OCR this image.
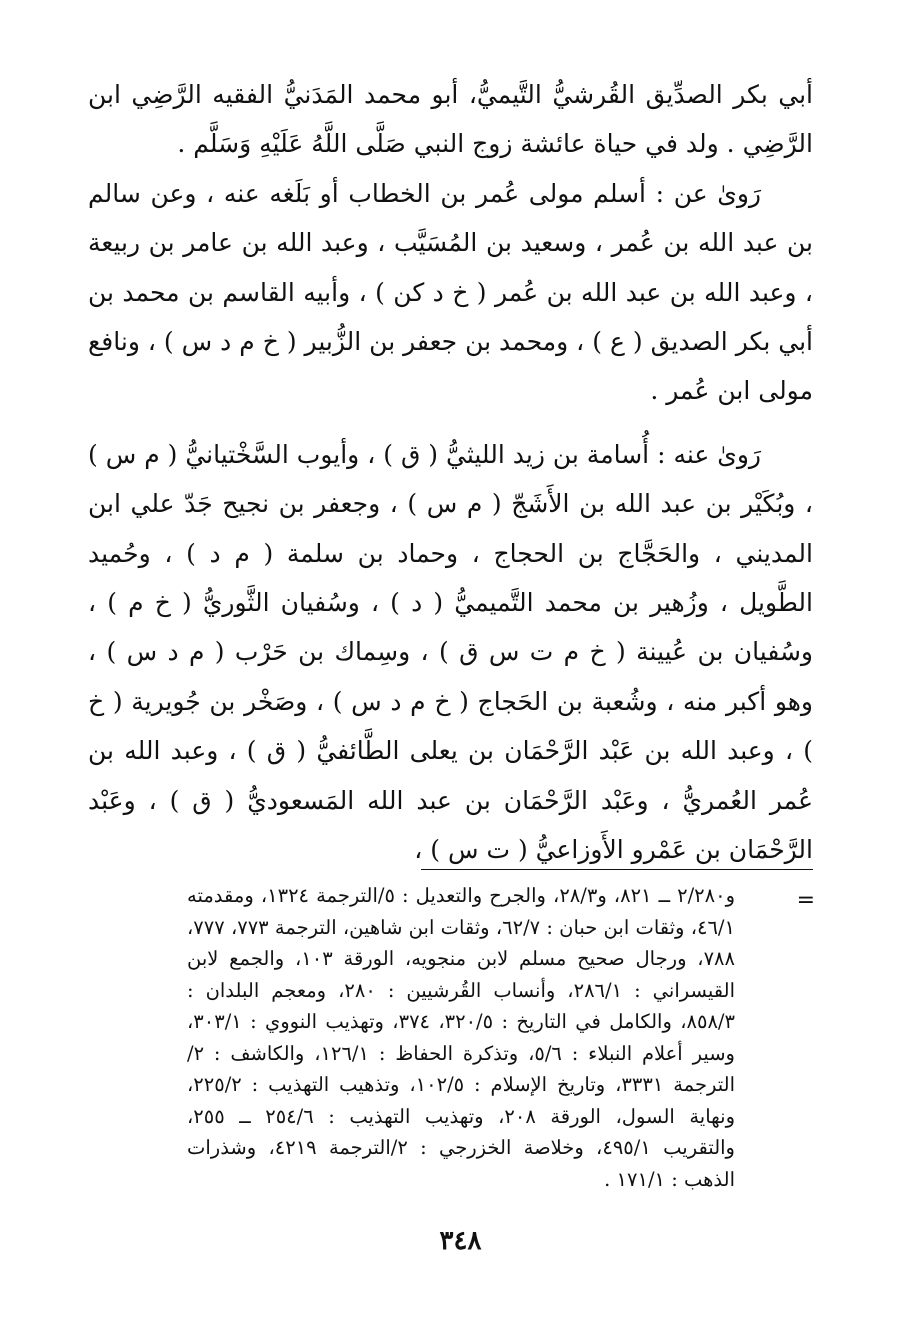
أبي بكر الصدِّيق القُرشيُّ التَّيميُّ، أبو محمد المَدَنيُّ الفقيه الرَّضِي ابن الرَّضِي . ولد في حياة عائشة زوج النبي صَلَّى اللَّهُ عَلَيْهِ وَسَلَّم .

رَوىٰ عن : أسلم مولى عُمر بن الخطاب أو بَلَغه عنه ، وعن سالم بن عبد الله بن عُمر ، وسعيد بن المُسَيَّب ، وعبد الله بن عامر بن ربيعة ، وعبد الله بن عبد الله بن عُمر ( خ د كن ) ، وأبيه القاسم بن محمد بن أبي بكر الصديق ( ع ) ، ومحمد بن جعفر بن الزُّبير ( خ م د س ) ، ونافع مولى ابن عُمر .

رَوىٰ عنه : أُسامة بن زيد الليثيُّ ( ق ) ، وأيوب السَّخْتيانيُّ ( م س ) ، وبُكَيْر بن عبد الله بن الأَشَجّ ( م س ) ، وجعفر بن نجيح جَدّ علي ابن المديني ، والحَجَّاج بن الحجاج ، وحماد بن سلمة ( م د ) ، وحُميد الطَّويل ، وزُهير بن محمد التَّميميُّ ( د ) ، وسُفيان الثَّوريُّ ( خ م ) ، وسُفيان بن عُيينة ( خ م ت س ق ) ، وسِماك بن حَرْب ( م د س ) ، وهو أكبر منه ، وشُعبة بن الحَجاج ( خ م د س ) ، وصَخْر بن جُويرية ( خ ) ، وعبد الله بن عَبْد الرَّحْمَان بن يعلى الطَّائفيُّ ( ق ) ، وعبد الله بن عُمر العُمريُّ ، وعَبْد الرَّحْمَان بن عبد الله المَسعوديُّ ( ق ) ، وعَبْد الرَّحْمَان بن عَمْرو الأَوزاعيُّ ( ت س ) ،

=

و٢/٢٨٠ ــ ٨٢١، و٢٨/٣، والجرح والتعديل : ٥/الترجمة ١٣٢٤، ومقدمته ٤٦/١، وثقات ابن حبان : ٦٢/٧، وثقات ابن شاهين، الترجمة ٧٧٣، ٧٧٧، ٧٨٨، ورجال صحيح مسلم لابن منجويه، الورقة ١٠٣، والجمع لابن القيسراني : ٢٨٦/١، وأنساب القُرشيين : ٢٨٠، ومعجم البلدان : ٨٥٨/٣، والكامل في التاريخ : ٣٢٠/٥، ٣٧٤، وتهذيب النووي : ٣٠٣/١، وسير أعلام النبلاء : ٥/٦، وتذكرة الحفاظ : ١٢٦/١، والكاشف : ٢/الترجمة ٣٣٣١، وتاريخ الإسلام : ١٠٢/٥، وتذهيب التهذيب : ٢٢٥/٢، ونهاية السول، الورقة ٢٠٨، وتهذيب التهذيب : ٢٥٤/٦ ــ ٢٥٥، والتقريب ٤٩٥/١، وخلاصة الخزرجي : ٢/الترجمة ٤٢١٩، وشذرات الذهب : ١٧١/١ .

٣٤٨
